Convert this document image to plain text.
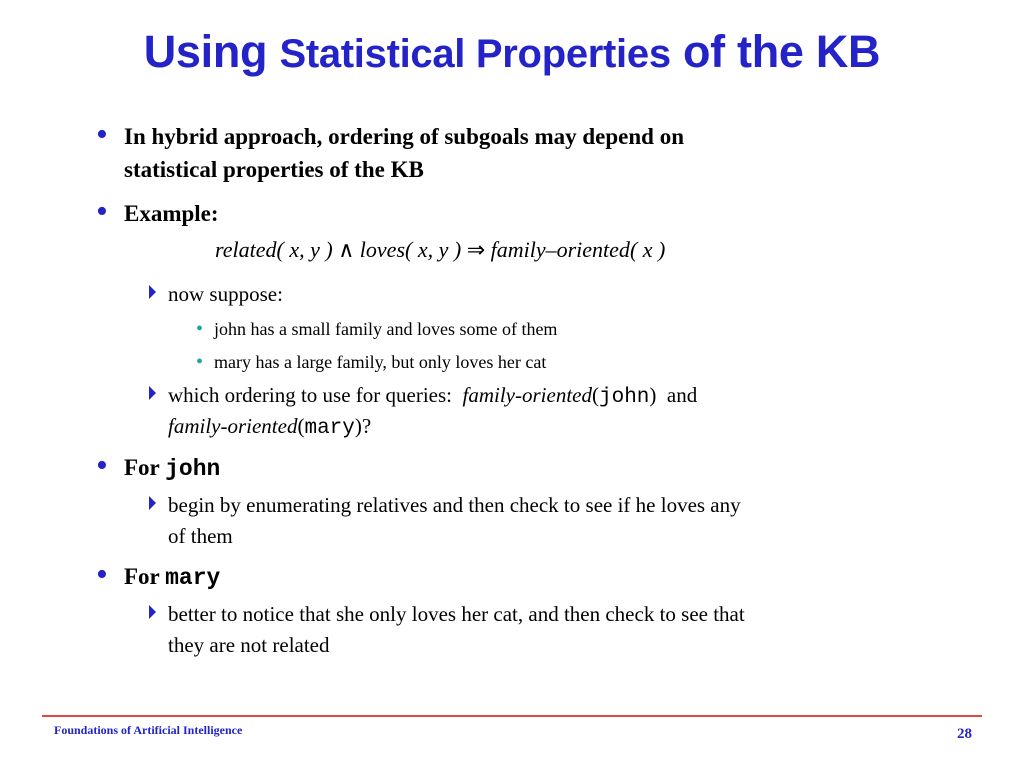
Using Statistical Properties of the KB
• In hybrid approach, ordering of subgoals may depend on
statistical properties of the KB
• Example:
related( x, y ) ∧ loves( x, y ) ⇒ family–oriented( x )
now suppose:
• john has a small family and loves some of them
• mary has a large family, but only loves her cat
which ordering to use for queries: family-oriented(john) and
family-oriented(mary)?
• For john
begin by enumerating relatives and then check to see if he loves any
of them
• For mary
better to notice that she only loves her cat, and then check to see that
they are not related
Foundations of Artificial Intelligence	28
